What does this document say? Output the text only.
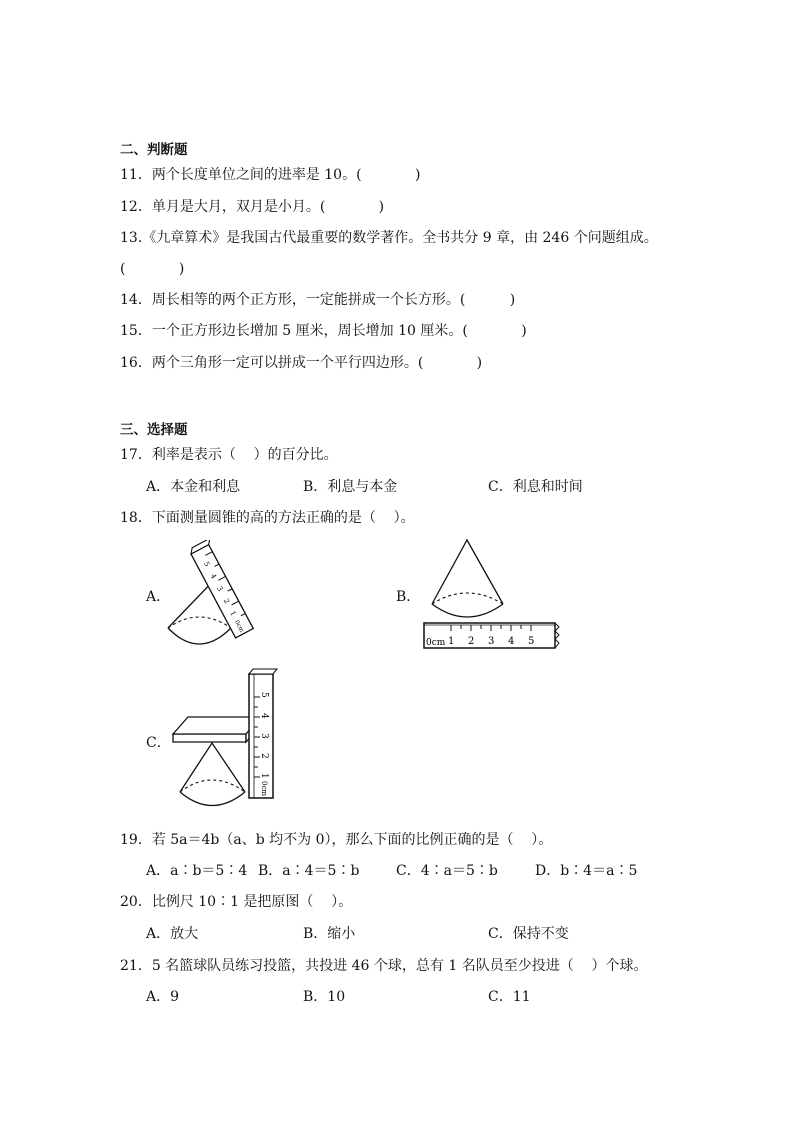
二、判断题
11．两个长度单位之间的进率是 10。(            )
12．单月是大月，双月是小月。(            )
13.《九章算术》是我国古代最重要的数学著作。全书共分 9 章，由 246 个问题组成。
(            )
14．周长相等的两个正方形，一定能拼成一个长方形。(          )
15．一个正方形边长增加 5 厘米，周长增加 10 厘米。(            )
16．两个三角形一定可以拼成一个平行四边形。(            )
三、选择题
17．利率是表示（    ）的百分比。
A．本金和利息	B．利息与本金	C．利息和时间
18．下面测量圆锥的高的方法正确的是（    ）。
A．
5
4
3
2
1
0cm
B．
0cm 1 2 3 4 5
C．
5
4
3
2
1
0cm
19．若 5a＝4b（a、b 均不为 0），那么下面的比例正确的是（    ）。
A．a∶b＝5∶4 B．a∶4＝5∶b	C．4∶a＝5∶b	D．b∶4＝a∶5
20．比例尺 10∶1 是把原图（    ）。
A．放大	B．缩小	C．保持不变
21．5 名篮球队员练习投篮，共投进 46 个球，总有 1 名队员至少投进（    ）个球。
A．9	B．10	C．11
